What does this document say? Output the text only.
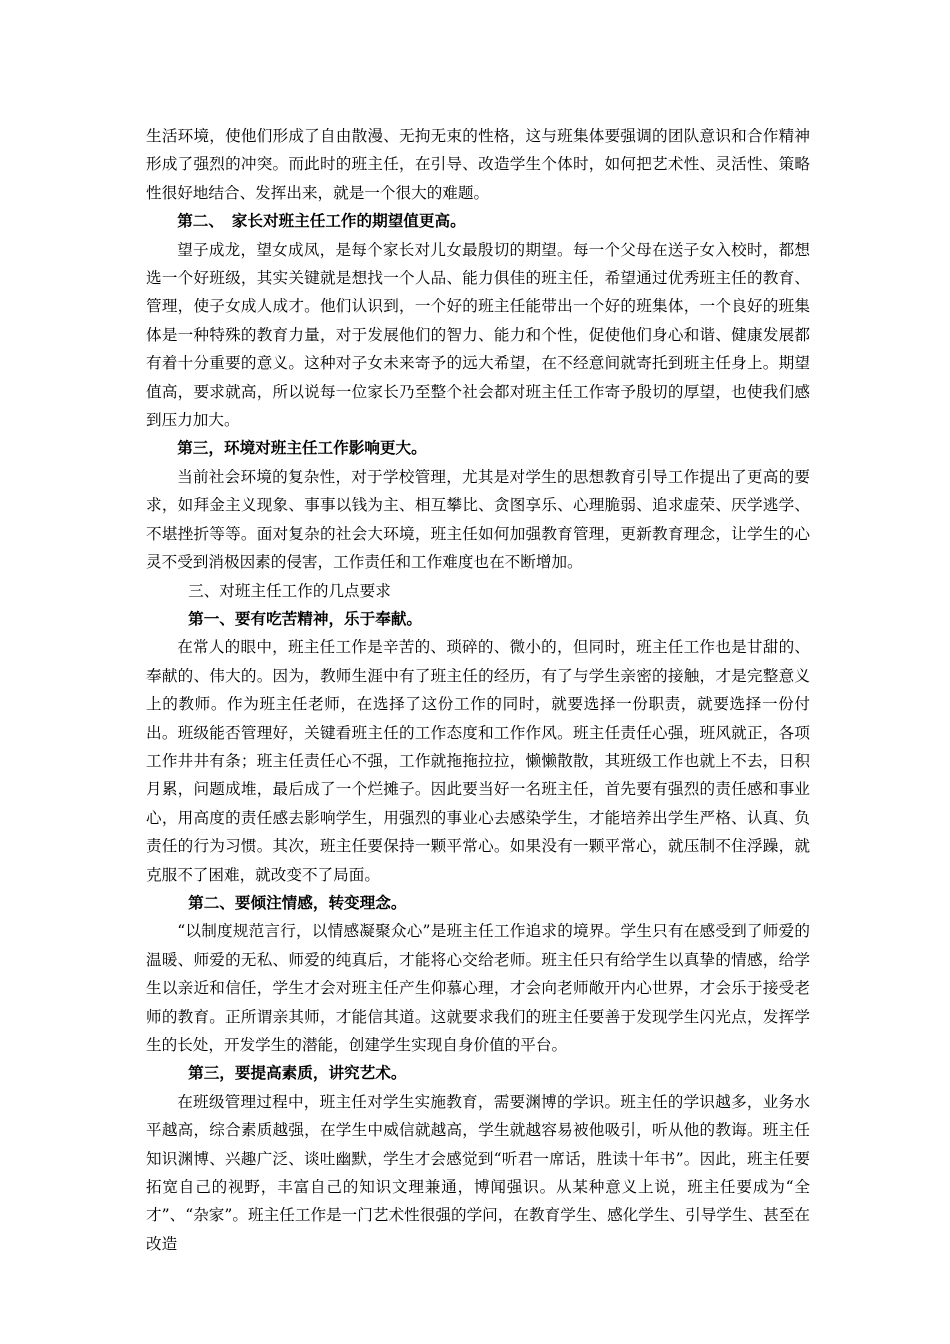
生活环境，使他们形成了自由散漫、无拘无束的性格，这与班集体要强调的团队意识和合作精神形成了强烈的冲突。而此时的班主任，在引导、改造学生个体时，如何把艺术性、灵活性、策略性很好地结合、发挥出来，就是一个很大的难题。

第二、　家长对班主任工作的期望值更高。

望子成龙，望女成凤，是每个家长对儿女最殷切的期望。每一个父母在送子女入校时，都想选一个好班级，其实关键就是想找一个人品、能力俱佳的班主任，希望通过优秀班主任的教育、管理，使子女成人成才。他们认识到，一个好的班主任能带出一个好的班集体，一个良好的班集体是一种特殊的教育力量，对于发展他们的智力、能力和个性，促使他们身心和谐、健康发展都有着十分重要的意义。这种对子女未来寄予的远大希望，在不经意间就寄托到班主任身上。期望值高，要求就高，所以说每一位家长乃至整个社会都对班主任工作寄予殷切的厚望，也使我们感到压力加大。

第三，环境对班主任工作影响更大。

当前社会环境的复杂性，对于学校管理，尤其是对学生的思想教育引导工作提出了更高的要求，如拜金主义现象、事事以钱为主、相互攀比、贪图享乐、心理脆弱、追求虚荣、厌学逃学、不堪挫折等等。面对复杂的社会大环境，班主任如何加强教育管理，更新教育理念，让学生的心灵不受到消极因素的侵害，工作责任和工作难度也在不断增加。

三、对班主任工作的几点要求

第一、要有吃苦精神，乐于奉献。

在常人的眼中，班主任工作是辛苦的、琐碎的、微小的，但同时，班主任工作也是甘甜的、奉献的、伟大的。因为，教师生涯中有了班主任的经历，有了与学生亲密的接触，才是完整意义上的教师。作为班主任老师，在选择了这份工作的同时，就要选择一份职责，就要选择一份付出。班级能否管理好，关键看班主任的工作态度和工作作风。班主任责任心强，班风就正，各项工作井井有条；班主任责任心不强，工作就拖拖拉拉，懒懒散散，其班级工作也就上不去，日积月累，问题成堆，最后成了一个烂摊子。因此要当好一名班主任，首先要有强烈的责任感和事业心，用高度的责任感去影响学生，用强烈的事业心去感染学生，才能培养出学生严格、认真、负责任的行为习惯。其次，班主任要保持一颗平常心。如果没有一颗平常心，就压制不住浮躁，就克服不了困难，就改变不了局面。

第二、要倾注情感，转变理念。

“以制度规范言行，以情感凝聚众心”是班主任工作追求的境界。学生只有在感受到了师爱的温暖、师爱的无私、师爱的纯真后，才能将心交给老师。班主任只有给学生以真挚的情感，给学生以亲近和信任，学生才会对班主任产生仰慕心理，才会向老师敞开内心世界，才会乐于接受老师的教育。正所谓亲其师，才能信其道。这就要求我们的班主任要善于发现学生闪光点，发挥学生的长处，开发学生的潜能，创建学生实现自身价值的平台。

第三，要提高素质，讲究艺术。

在班级管理过程中，班主任对学生实施教育，需要渊博的学识。班主任的学识越多，业务水平越高，综合素质越强，在学生中威信就越高，学生就越容易被他吸引，听从他的教诲。班主任知识渊博、兴趣广泛、谈吐幽默，学生才会感觉到“听君一席话，胜读十年书”。因此，班主任要拓宽自己的视野，丰富自己的知识文理兼通，博闻强识。从某种意义上说，班主任要成为“全才”、“杂家”。班主任工作是一门艺术性很强的学问，在教育学生、感化学生、引导学生、甚至在改造
